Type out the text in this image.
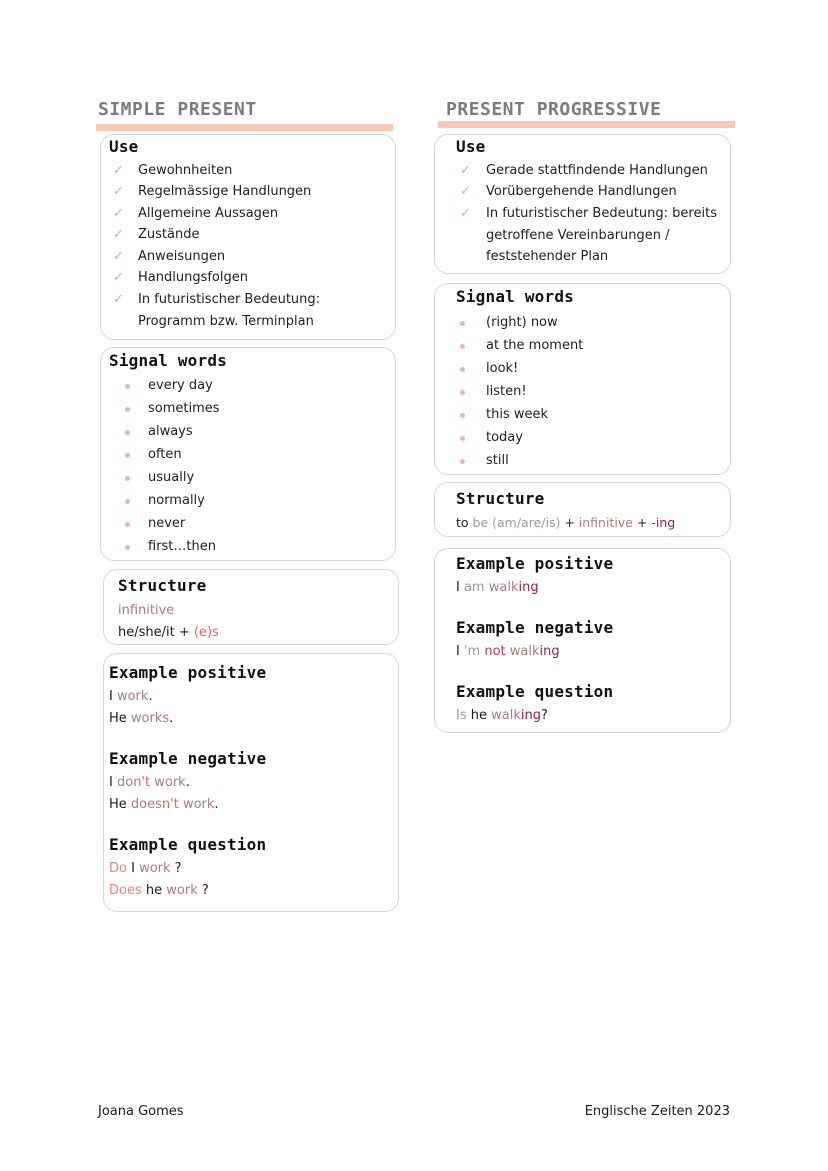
SIMPLE PRESENT
Use
✓ Gewohnheiten
✓ Regelmässige Handlungen
✓ Allgemeine Aussagen
✓ Zustände
✓ Anweisungen
✓ Handlungsfolgen
✓ In futuristischer Bedeutung:
Programm bzw. Terminplan
Signal words
every day
sometimes
always
often
usually
normally
never
first…then
Structure
infinitive
he/she/it + (e)s
Example positive
I work.
He works.
Example negative
I don't work.
He doesn't work.
Example question
Do I work ?
Does he work ?
PRESENT PROGRESSIVE
Use
✓ Gerade stattfindende Handlungen
✓ Vorübergehende Handlungen
✓ In futuristischer Bedeutung: bereits
getroffene Vereinbarungen /
feststehender Plan
Signal words
(right) now
at the moment
look!
listen!
this week
today
still
Structure
to be (am/are/is) + infinitive + -ing
Example positive
I am walking
Example negative
I 'm not walking
Example question
Is he walking?
Joana Gomes	Englische Zeiten 2023
